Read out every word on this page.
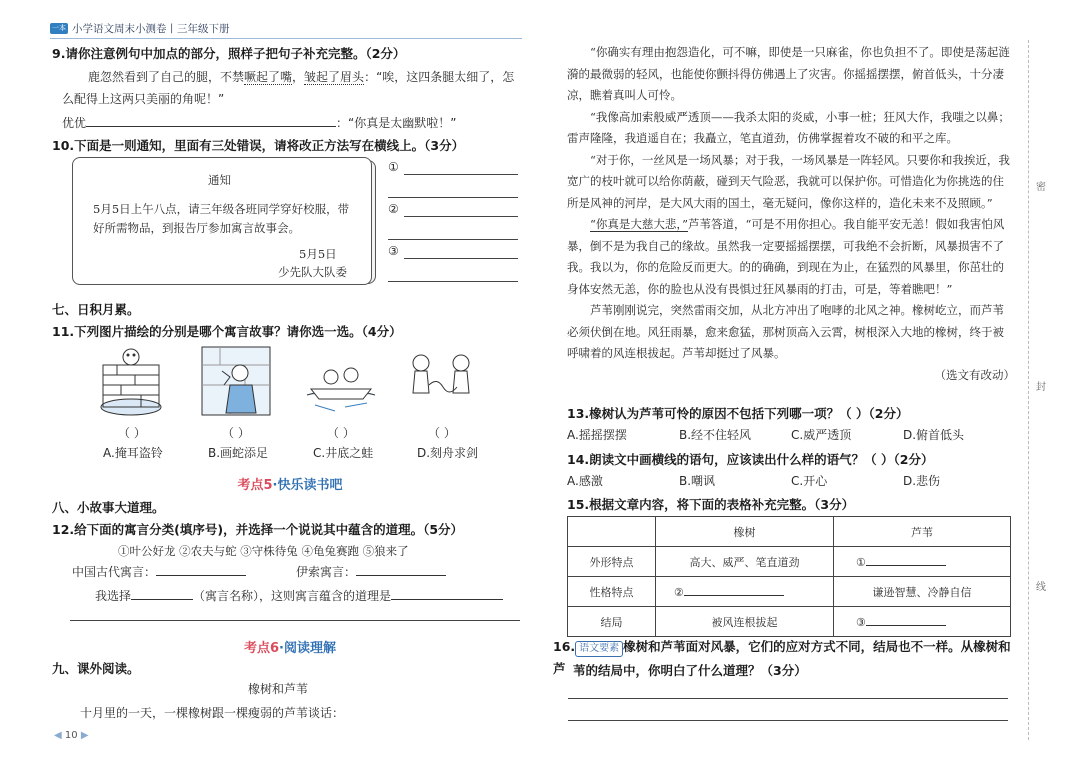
一本 小学语文周末小测卷丨三年级下册
9.请你注意例句中加点的部分，照样子把句子补充完整。（2分）
鹿忽然看到了自己的腿，不禁噘起了嘴，皱起了眉头：“唉，这四条腿太细了，怎
么配得上这两只美丽的角呢！”
优优	：“你真是太幽默啦！”
10.下面是一则通知，里面有三处错误，请将改正方法写在横线上。（3分）
通知
5月5日上午八点，请三年级各班同学穿好校服，带
好所需物品，到报告厅参加寓言故事会。
5月5日
少先队大队委
①
②
③
七、日积月累。
11.下列图片描绘的分别是哪个寓言故事？请你选一选。（4分）
（ ）	（ ）	（ ）	（ ）
A.掩耳盗铃	B.画蛇添足	C.井底之蛙	D.刻舟求剑
考点5·快乐读书吧
八、小故事大道理。
12.给下面的寓言分类(填序号)，并选择一个说说其中蕴含的道理。（5分）
①叶公好龙 ②农夫与蛇 ③守株待兔 ④龟兔赛跑 ⑤狼来了
中国古代寓言：	伊索寓言：
我选择	（寓言名称），这则寓言蕴含的道理是
考点6·阅读理解
九、课外阅读。
橡树和芦苇
十月里的一天，一棵橡树跟一棵瘦弱的芦苇谈话：
◀ 10 ▶

“你确实有理由抱怨造化，可不嘛，即使是一只麻雀，你也负担不了。即使是荡起涟漪的最微弱的轻风，也能使你颤抖得仿佛遇上了灾害。你摇摇摆摆，俯首低头，十分凄凉，瞧着真叫人可怜。

“我像高加索般威严透顶——我杀太阳的炎威，小事一桩；狂风大作，我嗤之以鼻；雷声隆隆，我逍遥自在；我矗立，笔直道劲，仿佛掌握着攻不破的和平之库。

“对于你，一丝风是一场风暴；对于我，一场风暴是一阵轻风。只要你和我挨近，我宽广的枝叶就可以给你荫蔽，碰到天气险恶，我就可以保护你。可惜造化为你挑选的住所是风神的河岸，是大风大雨的国土，毫无疑问，像你这样的，造化未来不及照顾。”

“你真是大慈大悲，”芦苇答道，“可是不用你担心。我自能平安无恙！假如我害怕风暴，倒不是为我自己的缘故。虽然我一定要摇摇摆摆，可我绝不会折断，风暴损害不了我。我以为，你的危险反而更大。的的确确，到现在为止，在猛烈的风暴里，你茁壮的身体安然无恙，你的脸也从没有畏惧过狂风暴雨的打击，可是，等着瞧吧！”

芦苇刚刚说完，突然雷雨交加，从北方冲出了咆哮的北风之神。橡树屹立，而芦苇必须伏倒在地。风狂雨暴，愈来愈猛，那树顶高入云霄，树根深入大地的橡树，终于被呼啸着的风连根拔起。芦苇却挺过了风暴。

（选文有改动）

13.橡树认为芦苇可怜的原因不包括下列哪一项？（ ）（2分）
A.摇摇摆摆	B.经不住轻风	C.威严透顶	D.俯首低头
14.朗读文中画横线的语句，应该读出什么样的语气？（ ）（2分）
A.感激	B.嘲讽	C.开心	D.悲伤
15.根据文章内容，将下面的表格补充完整。（3分）
	橡树	芦苇
外形特点	高大、威严、笔直道劲	①
性格特点	②	谦逊智慧、冷静自信
结局	被风连根拔起	③
16. 语文要素 橡树和芦苇面对风暴，它们的应对方式不同，结局也不一样。从橡树和芦 苇的结局中，你明白了什么道理？（3分）
密
封
线
